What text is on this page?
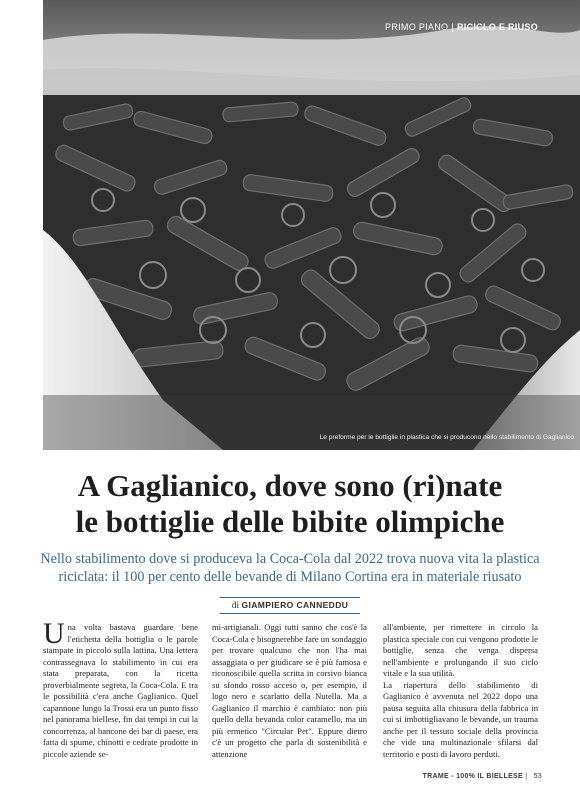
PRIMO PIANO | RICICLO E RIUSO
Le preforme per le bottiglie in plastica che si producono nello stabilimento di Gaglianico
A Gaglianico, dove sono (ri)nate
le bottiglie delle bibite olimpiche

Nello stabilimento dove si produceva la Coca-Cola dal 2022 trova nuova vita la plastica
riciclata: il 100 per cento delle bevande di Milano Cortina era in materiale riusato

di GIAMPIERO CANNEDDU

Una volta bastava guardare bene l'etichetta della bottiglia o le parole stampate in piccolo sulla lattina. Una lettera contrassegnava lo stabilimento in cui era stata preparata, con la ricetta proverbialmente segreta, la Coca-Cola. E tra le possibilità c'era anche Gaglianico. Quel capannone lungo la Trossi era un punto fisso nel panorama biellese, fin dai tempi in cui la concorrenza, al bancone dei bar di paese, era fatta di spume, chinotti e cedrate prodotte in piccole aziende se-

mi-artigianali. Oggi tutti sanno che cos'è la Coca-Cola e bisognerebbe fare un sondaggio per trovare qualcuno che non l'ha mai assaggiata o per giudicare se è più famosa e riconoscibile quella scritta in corsivo bianca su sfondo rosso acceso o, per esempio, il logo nero e scarlatto della Nutella. Ma a Gaglianico il marchio è cambiato: non più quello della bevanda color caramello, ma un più ermetico "Circular Pet". Eppure dietro c'è un progetto che parla di sostenibilità e attenzione

all'ambiente, per rimettere in circolo la plastica speciale con cui vengono prodotte le bottiglie, senza che venga dispersa nell'ambiente e prolungando il suo ciclo vitale e la sua utilità.

La riapertura dello stabilimento di Gaglianico è avvenuta nel 2022 dopo una pausa seguita alla chiusura della fabbrica in cui si imbottigliavano le bevande, un trauma anche per il tessuto sociale della provincia che vide una multinazionale sfilarsi dal territorio e posti di lavoro perduti.

TRAME - 100% IL BIELLESE | 53
